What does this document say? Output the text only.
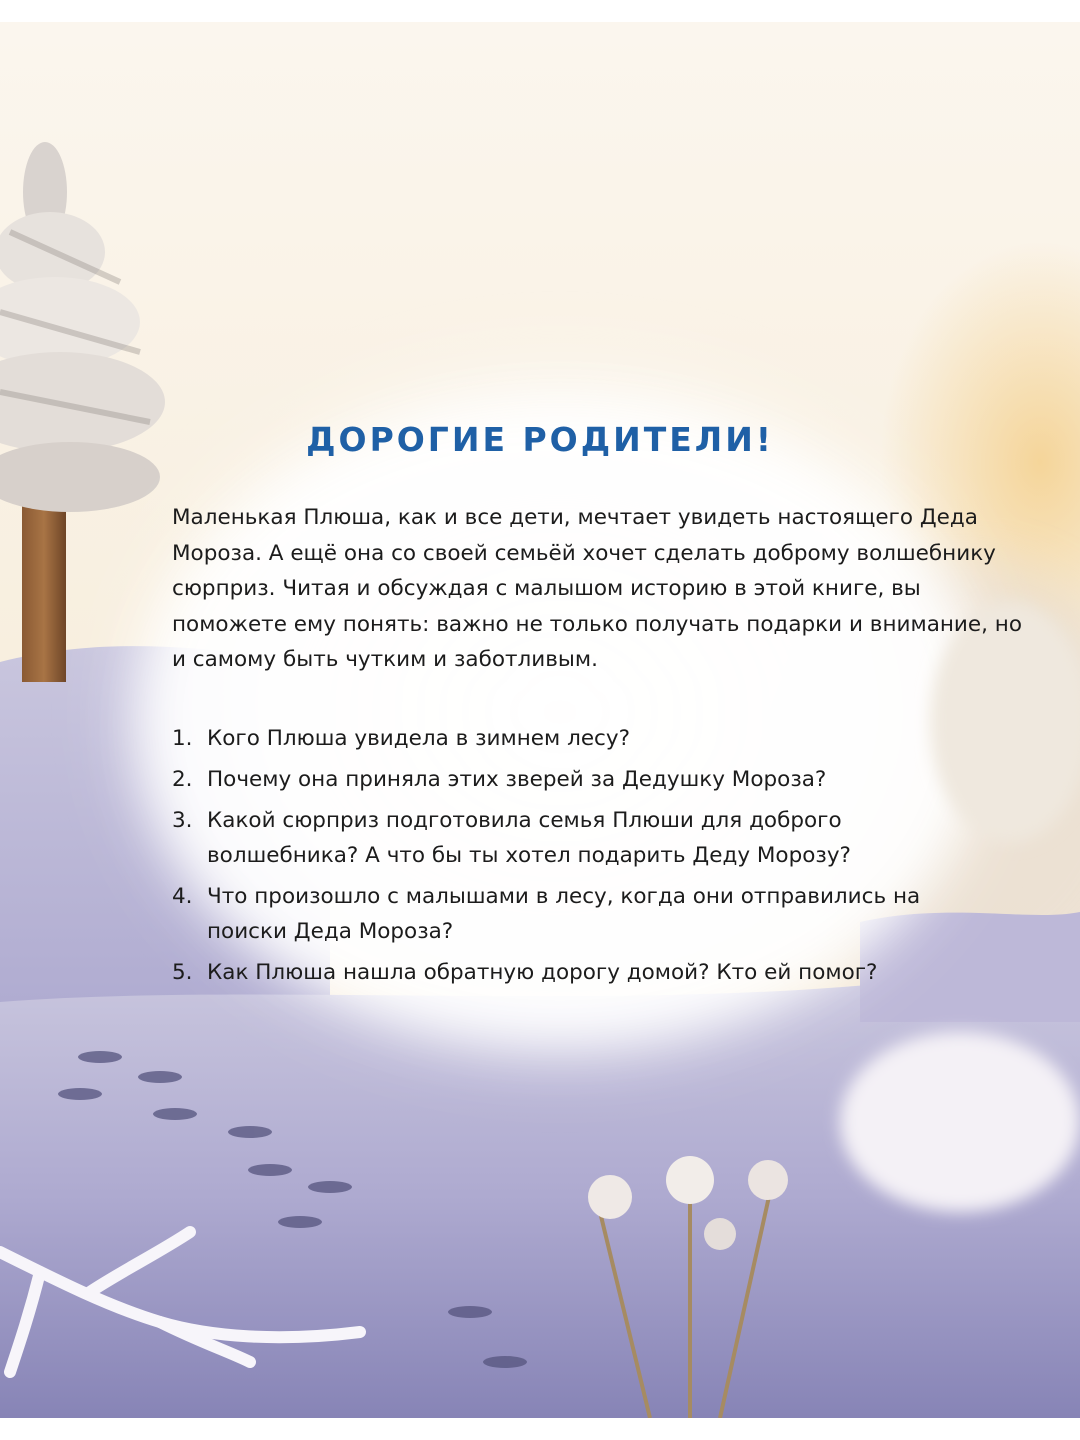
ДОРОГИЕ РОДИТЕЛИ!

Маленькая Плюша, как и все дети, мечтает увидеть настоящего Деда Мороза. А ещё она со своей семьёй хочет сделать доброму волшебнику сюрприз. Читая и обсуждая с малышом историю в этой книге, вы поможете ему понять: важно не только получать подарки и внимание, но и самому быть чутким и заботливым.

1. Кого Плюша увидела в зимнем лесу?
2. Почему она приняла этих зверей за Дедушку Мороза?
3. Какой сюрприз подготовила семья Плюши для доброго волшебника? А что бы ты хотел подарить Деду Морозу?
4. Что произошло с малышами в лесу, когда они отправились на поиски Деда Мороза?
5. Как Плюша нашла обратную дорогу домой? Кто ей помог?
